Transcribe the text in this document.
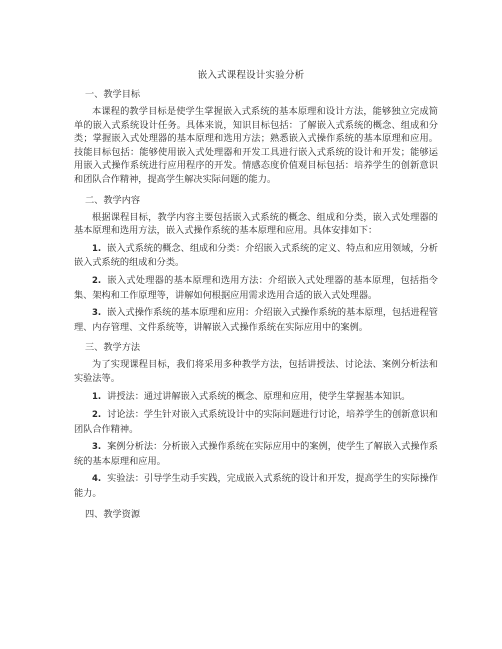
嵌入式课程设计实验分析
一、教学目标

本课程的教学目标是使学生掌握嵌入式系统的基本原理和设计方法，能够独立完成简单的嵌入式系统设计任务。具体来说，知识目标包括：了解嵌入式系统的概念、组成和分类；掌握嵌入式处理器的基本原理和选用方法；熟悉嵌入式操作系统的基本原理和应用。技能目标包括：能够使用嵌入式处理器和开发工具进行嵌入式系统的设计和开发；能够运用嵌入式操作系统进行应用程序的开发。情感态度价值观目标包括：培养学生的创新意识和团队合作精神，提高学生解决实际问题的能力。

二、教学内容

根据课程目标，教学内容主要包括嵌入式系统的概念、组成和分类，嵌入式处理器的基本原理和选用方法，嵌入式操作系统的基本原理和应用。具体安排如下：

1. 嵌入式系统的概念、组成和分类：介绍嵌入式系统的定义、特点和应用领域，分析嵌入式系统的组成和分类。

2. 嵌入式处理器的基本原理和选用方法：介绍嵌入式处理器的基本原理，包括指令集、架构和工作原理等，讲解如何根据应用需求选用合适的嵌入式处理器。

3. 嵌入式操作系统的基本原理和应用：介绍嵌入式操作系统的基本原理，包括进程管理、内存管理、文件系统等，讲解嵌入式操作系统在实际应用中的案例。

三、教学方法

为了实现课程目标，我们将采用多种教学方法，包括讲授法、讨论法、案例分析法和实验法等。

1. 讲授法：通过讲解嵌入式系统的概念、原理和应用，使学生掌握基本知识。

2. 讨论法：学生针对嵌入式系统设计中的实际问题进行讨论，培养学生的创新意识和团队合作精神。

3. 案例分析法：分析嵌入式操作系统在实际应用中的案例，使学生了解嵌入式操作系统的基本原理和应用。

4. 实验法：引导学生动手实践，完成嵌入式系统的设计和开发，提高学生的实际操作能力。

四、教学资源
